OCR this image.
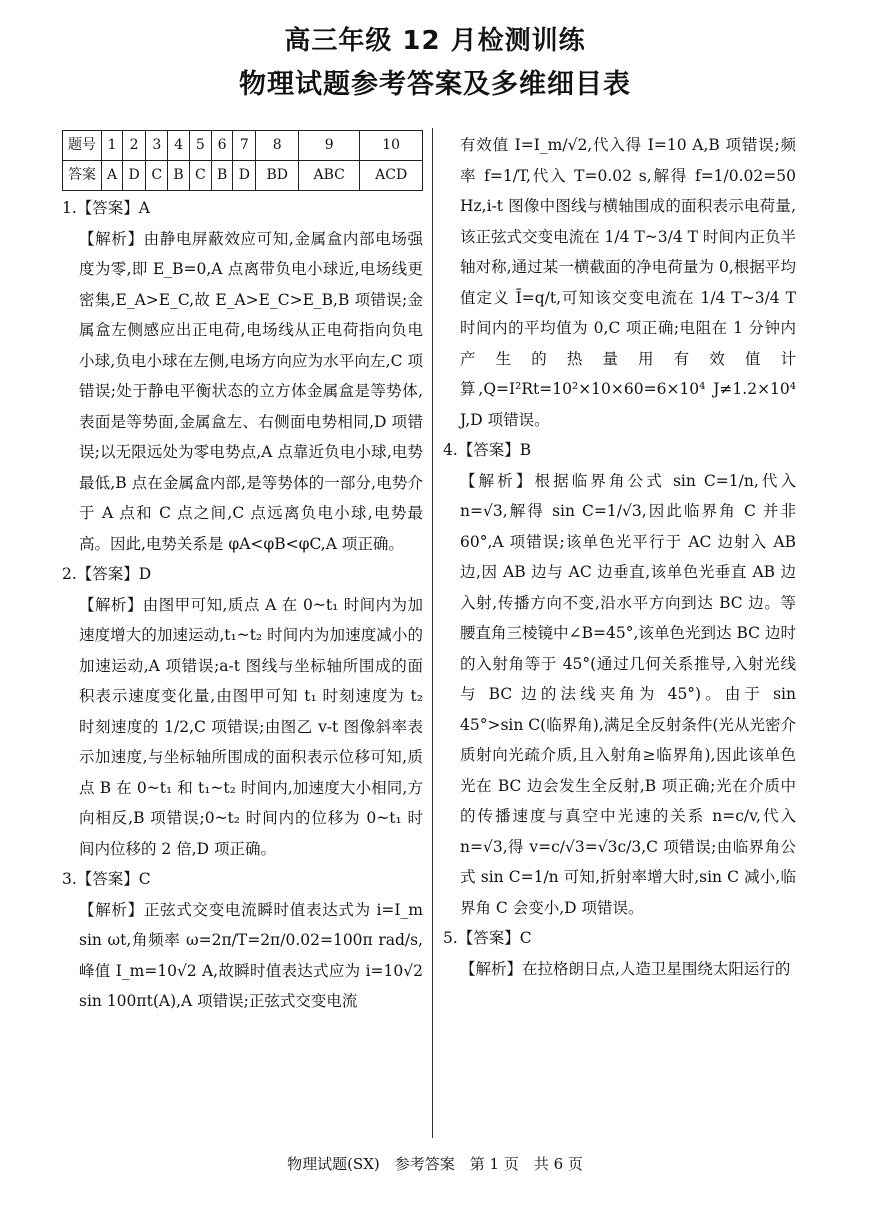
高三年级 12 月检测训练
物理试题参考答案及多维细目表
题号	1	2	3	4	5	6	7	8	9	10
答案	A	D	C	B	C	B	D	BD	ABC	ACD

1.【答案】A

【解析】由静电屏蔽效应可知,金属盒内部电场强度为零,即 E_B=0,A 点离带负电小球近,电场线更密集,E_A>E_C,故 E_A>E_C>E_B,B 项错误;金属盒左侧感应出正电荷,电场线从正电荷指向负电小球,负电小球在左侧,电场方向应为水平向左,C 项错误;处于静电平衡状态的立方体金属盒是等势体,表面是等势面,金属盒左、右侧面电势相同,D 项错误;以无限远处为零电势点,A 点靠近负电小球,电势最低,B 点在金属盒内部,是等势体的一部分,电势介于 A 点和 C 点之间,C 点远离负电小球,电势最高。因此,电势关系是 φA<φB<φC,A 项正确。

2.【答案】D

【解析】由图甲可知,质点 A 在 0~t₁ 时间内为加速度增大的加速运动,t₁~t₂ 时间内为加速度减小的加速运动,A 项错误;a-t 图线与坐标轴所围成的面积表示速度变化量,由图甲可知 t₁ 时刻速度为 t₂ 时刻速度的 1/2,C 项错误;由图乙 v-t 图像斜率表示加速度,与坐标轴所围成的面积表示位移可知,质点 B 在 0~t₁ 和 t₁~t₂ 时间内,加速度大小相同,方向相反,B 项错误;0~t₂ 时间内的位移为 0~t₁ 时间内位移的 2 倍,D 项正确。

3.【答案】C

【解析】正弦式交变电流瞬时值表达式为 i=I_m sin ωt,角频率 ω=2π/T=2π/0.02=100π rad/s,峰值 I_m=10√2 A,故瞬时值表达式应为 i=10√2 sin 100πt(A),A 项错误;正弦式交变电流

有效值 I=I_m/√2,代入得 I=10 A,B 项错误;频率 f=1/T,代入 T=0.02 s,解得 f=1/0.02=50 Hz,i-t 图像中图线与横轴围成的面积表示电荷量,该正弦式交变电流在 1/4 T~3/4 T 时间内正负半轴对称,通过某一横截面的净电荷量为 0,根据平均值定义 Ī=q/t,可知该交变电流在 1/4 T~3/4 T 时间内的平均值为 0,C 项正确;电阻在 1 分钟内产生的热量用有效值计算,Q=I²Rt=10²×10×60=6×10⁴ J≠1.2×10⁴ J,D 项错误。

4.【答案】B

【解析】根据临界角公式 sin C=1/n,代入 n=√3,解得 sin C=1/√3,因此临界角 C 并非 60°,A 项错误;该单色光平行于 AC 边射入 AB 边,因 AB 边与 AC 边垂直,该单色光垂直 AB 边入射,传播方向不变,沿水平方向到达 BC 边。等腰直角三棱镜中∠B=45°,该单色光到达 BC 边时的入射角等于 45°(通过几何关系推导,入射光线与 BC 边的法线夹角为 45°)。由于 sin 45°>sin C(临界角),满足全反射条件(光从光密介质射向光疏介质,且入射角≥临界角),因此该单色光在 BC 边会发生全反射,B 项正确;光在介质中的传播速度与真空中光速的关系 n=c/v,代入 n=√3,得 v=c/√3=√3c/3,C 项错误;由临界角公式 sin C=1/n 可知,折射率增大时,sin C 减小,临界角 C 会变小,D 项错误。

5.【答案】C

【解析】在拉格朗日点,人造卫星围绕太阳运行的

物理试题(SX)　参考答案　第 1 页　共 6 页
